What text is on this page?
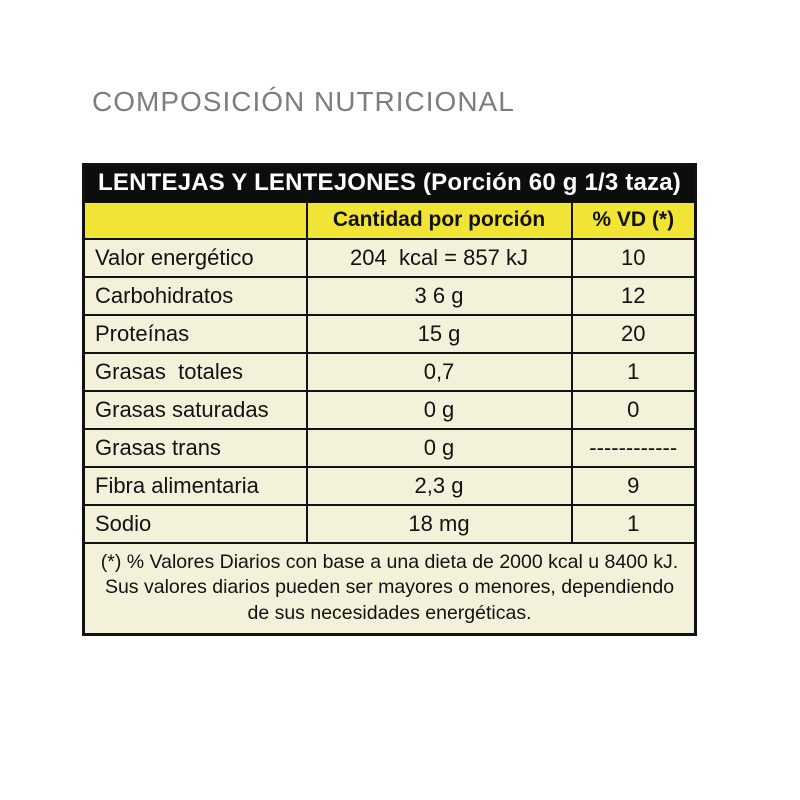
COMPOSICIÓN NUTRICIONAL
LENTEJAS Y LENTEJONES (Porción 60 g 1/3 taza)		
	Cantidad por porción	% VD (*)
Valor energético	204  kcal = 857 kJ	10
Carbohidratos	3 6 g	12
Proteínas	15 g	20
Grasas  totales	0,7	1
Grasas saturadas	0 g	0
Grasas trans	0 g	------------
Fibra alimentaria	2,3 g	9
Sodio	18 mg	1
(*) % Valores Diarios con base a una dieta de 2000 kcal u 8400 kJ. Sus valores diarios pueden ser mayores o menores, dependiendo de sus necesidades energéticas.		
